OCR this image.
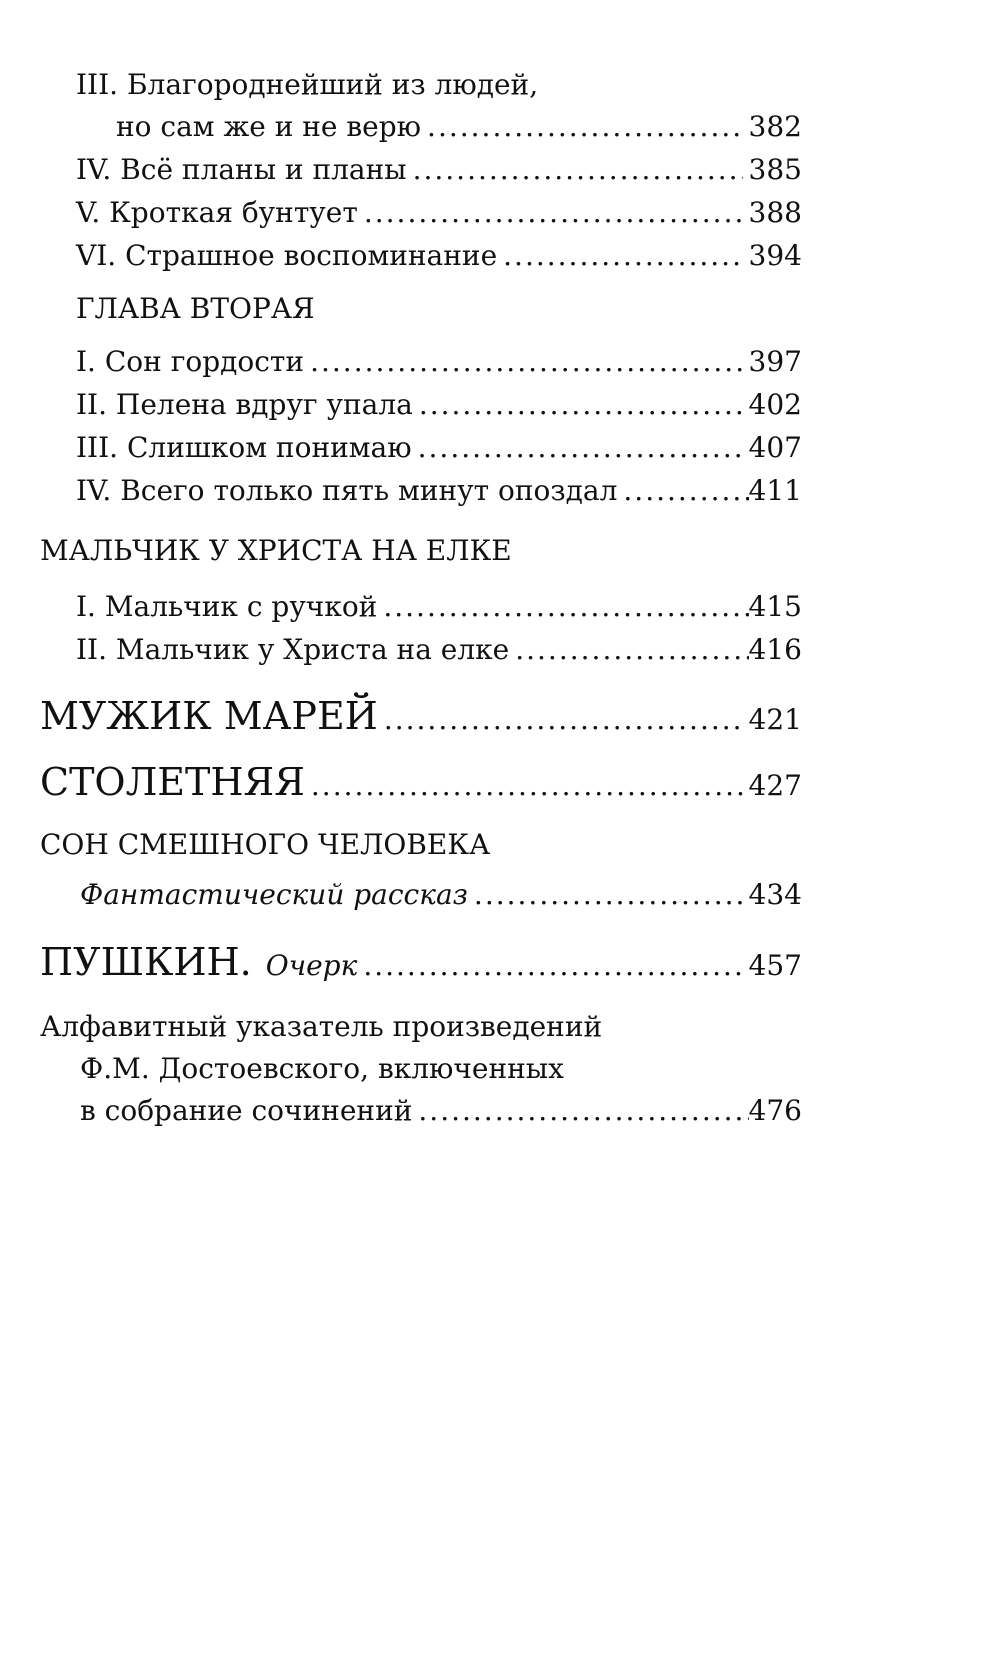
III. Благороднейший из людей,
но сам же и не верю .....	382
IV. Всё планы и планы .....	385
V. Кроткая бунтует .....	388
VI. Страшное воспоминание .....	394
ГЛАВА ВТОРАЯ
I. Сон гордости .....	397
II. Пелена вдруг упала .....	402
III. Слишком понимаю .....	407
IV. Всего только пять минут опоздал .....	411
МАЛЬЧИК У ХРИСТА НА ЕЛКЕ
I. Мальчик с ручкой .....	415
II. Мальчик у Христа на елке .....	416
МУЖИК МАРЕЙ .....	421
СТОЛЕТНЯЯ .....	427
СОН СМЕШНОГО ЧЕЛОВЕКА
Фантастический рассказ .....	434
ПУШКИН. Очерк .....	457
Алфавитный указатель произведений
Ф.М. Достоевского, включенных
в собрание сочинений .....	476
